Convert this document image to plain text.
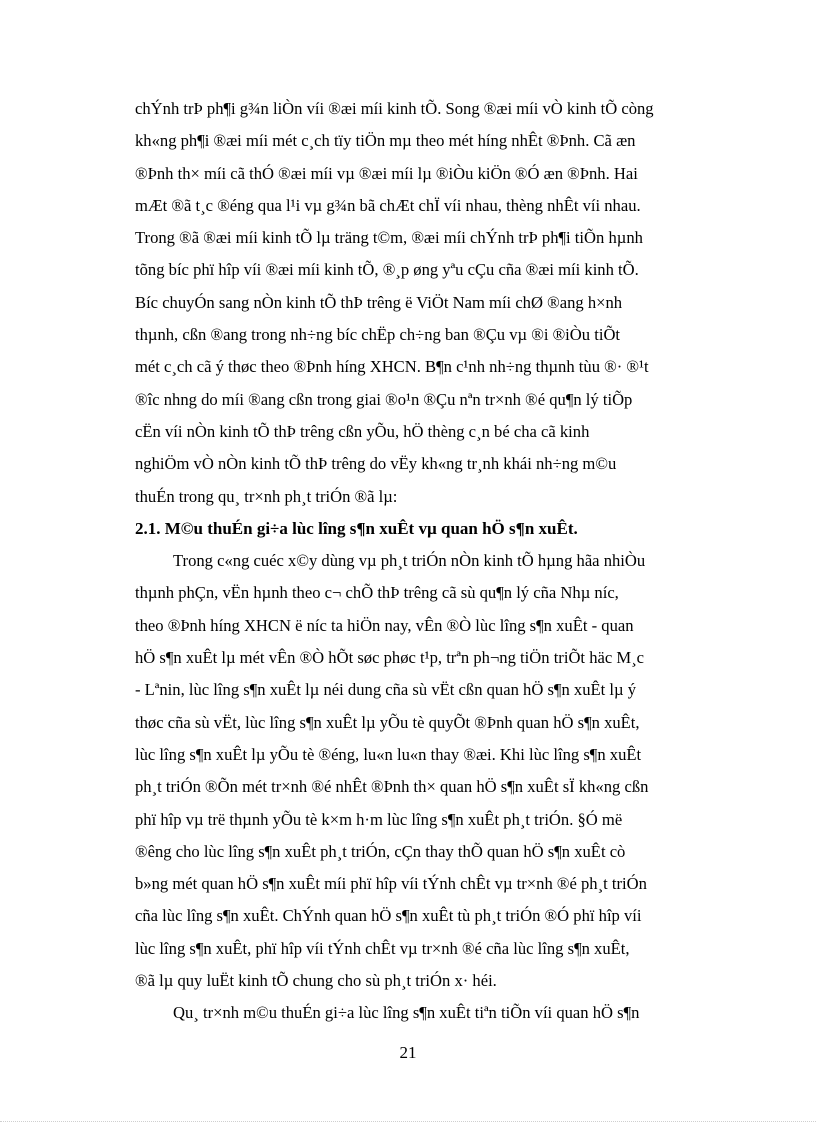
chÝnh trÞ ph¶i g¾n liÒn víi ®æi míi kinh tÕ. Song ®æi míi vÒ kinh tÕ còng
kh«ng ph¶i ®æi míi mét c¸ch tïy tiÖn mµ theo mét híng nhÊt ®Þnh. Cã æn
®Þnh th× míi cã thÓ ®æi míi vµ ®æi míi lµ ®iÒu kiÖn ®Ó æn ®Þnh. Hai
mÆt ®ã t¸c ®éng qua l¹i vµ g¾n bã chÆt chÏ víi nhau, thèng nhÊt víi nhau.
Trong ®ã ®æi míi kinh tÕ lµ träng t©m, ®æi míi chÝnh trÞ ph¶i tiÕn hµnh
tõng bíc phï hîp víi ®æi míi kinh tÕ, ®¸p øng yªu cÇu cña ®æi míi kinh tÕ.
Bíc chuyÓn sang nÒn kinh tÕ thÞ trêng ë ViÖt Nam míi chØ ®ang h×nh
thµnh, cßn ®ang trong nh÷ng bíc chËp ch÷ng ban ®Çu vµ ®i ®iÒu tiÕt
mét c¸ch cã ý thøc theo ®Þnh híng XHCN. B¶n c¹nh nh÷ng thµnh tùu ®· ®¹t
®îc nhng do míi ®ang cßn trong giai ®o¹n ®Çu nªn tr×nh ®é qu¶n lý tiÕp
cËn víi nÒn kinh tÕ thÞ trêng cßn yÕu, hÖ thèng c¸n bé cha cã kinh
nghiÖm vÒ nÒn kinh tÕ thÞ trêng do vËy kh«ng tr¸nh khái nh÷ng m©u
thuÉn trong qu¸ tr×nh ph¸t triÓn ®ã lµ:
2.1. M©u thuÉn gi÷a lùc lîng s¶n xuÊt vµ quan hÖ s¶n xuÊt.
Trong c«ng cuéc x©y dùng vµ ph¸t triÓn nÒn kinh tÕ hµng hãa nhiÒu
thµnh phÇn, vËn hµnh theo c¬ chÕ thÞ trêng cã sù qu¶n lý cña Nhµ níc,
theo ®Þnh híng XHCN ë níc ta hiÖn nay, vÊn ®Ò lùc lîng s¶n xuÊt - quan
hÖ s¶n xuÊt lµ mét vÊn ®Ò hÕt søc phøc t¹p, trªn ph¬ng tiÖn triÕt häc M¸c
- Lªnin, lùc lîng s¶n xuÊt lµ néi dung cña sù vËt cßn quan hÖ s¶n xuÊt lµ ý
thøc cña sù vËt, lùc lîng s¶n xuÊt lµ yÕu tè quyÕt ®Þnh quan hÖ s¶n xuÊt,
lùc lîng s¶n xuÊt lµ yÕu tè ®éng, lu«n lu«n thay ®æi. Khi lùc lîng s¶n xuÊt
ph¸t triÓn ®Õn mét tr×nh ®é nhÊt ®Þnh th× quan hÖ s¶n xuÊt sÏ kh«ng cßn
phï hîp vµ trë thµnh yÕu tè k×m h·m lùc lîng s¶n xuÊt ph¸t triÓn. §Ó më
®êng cho lùc lîng s¶n xuÊt ph¸t triÓn, cÇn thay thÕ quan hÖ s¶n xuÊt cò
b»ng mét quan hÖ s¶n xuÊt míi phï hîp víi tÝnh chÊt vµ tr×nh ®é ph¸t triÓn
cña lùc lîng s¶n xuÊt. ChÝnh quan hÖ s¶n xuÊt tù ph¸t triÓn ®Ó phï hîp víi
lùc lîng s¶n xuÊt, phï hîp víi tÝnh chÊt vµ tr×nh ®é cña lùc lîng s¶n xuÊt,
®ã lµ quy luËt kinh tÕ chung cho sù ph¸t triÓn x· héi.
Qu¸ tr×nh m©u thuÉn gi÷a lùc lîng s¶n xuÊt tiªn tiÕn víi quan hÖ s¶n
21
